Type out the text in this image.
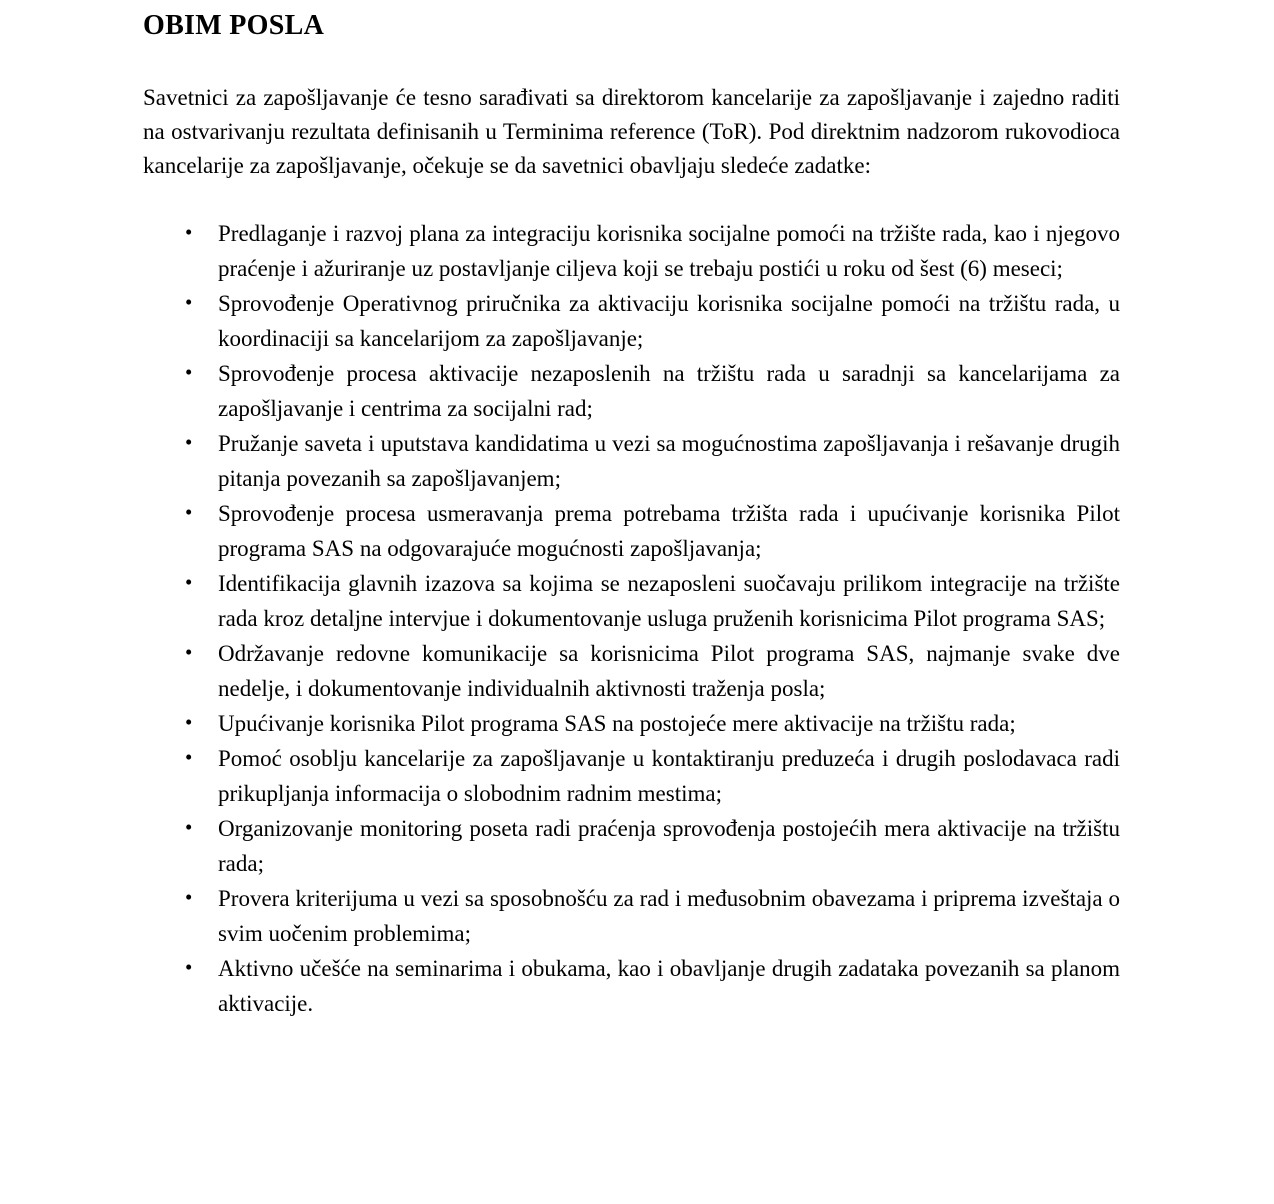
OBIM POSLA

Savetnici za zapošljavanje će tesno sarađivati sa direktorom kancelarije za zapošljavanje i zajedno raditi na ostvarivanju rezultata definisanih u Terminima reference (ToR). Pod direktnim nadzorom rukovodioca kancelarije za zapošljavanje, očekuje se da savetnici obavljaju sledeće zadatke:

• Predlaganje i razvoj plana za integraciju korisnika socijalne pomoći na tržište rada, kao i njegovo praćenje i ažuriranje uz postavljanje ciljeva koji se trebaju postići u roku od šest (6) meseci;
• Sprovođenje Operativnog priručnika za aktivaciju korisnika socijalne pomoći na tržištu rada, u koordinaciji sa kancelarijom za zapošljavanje;
• Sprovođenje procesa aktivacije nezaposlenih na tržištu rada u saradnji sa kancelarijama za zapošljavanje i centrima za socijalni rad;
• Pružanje saveta i uputstava kandidatima u vezi sa mogućnostima zapošljavanja i rešavanje drugih pitanja povezanih sa zapošljavanjem;
• Sprovođenje procesa usmeravanja prema potrebama tržišta rada i upućivanje korisnika Pilot programa SAS na odgovarajuće mogućnosti zapošljavanja;
• Identifikacija glavnih izazova sa kojima se nezaposleni suočavaju prilikom integracije na tržište rada kroz detaljne intervjue i dokumentovanje usluga pruženih korisnicima Pilot programa SAS;
• Održavanje redovne komunikacije sa korisnicima Pilot programa SAS, najmanje svake dve nedelje, i dokumentovanje individualnih aktivnosti traženja posla;
• Upućivanje korisnika Pilot programa SAS na postojeće mere aktivacije na tržištu rada;
• Pomoć osoblju kancelarije za zapošljavanje u kontaktiranju preduzeća i drugih poslodavaca radi prikupljanja informacija o slobodnim radnim mestima;
• Organizovanje monitoring poseta radi praćenja sprovođenja postojećih mera aktivacije na tržištu rada;
• Provera kriterijuma u vezi sa sposobnošću za rad i međusobnim obavezama i priprema izveštaja o svim uočenim problemima;
• Aktivno učešće na seminarima i obukama, kao i obavljanje drugih zadataka povezanih sa planom aktivacije.
